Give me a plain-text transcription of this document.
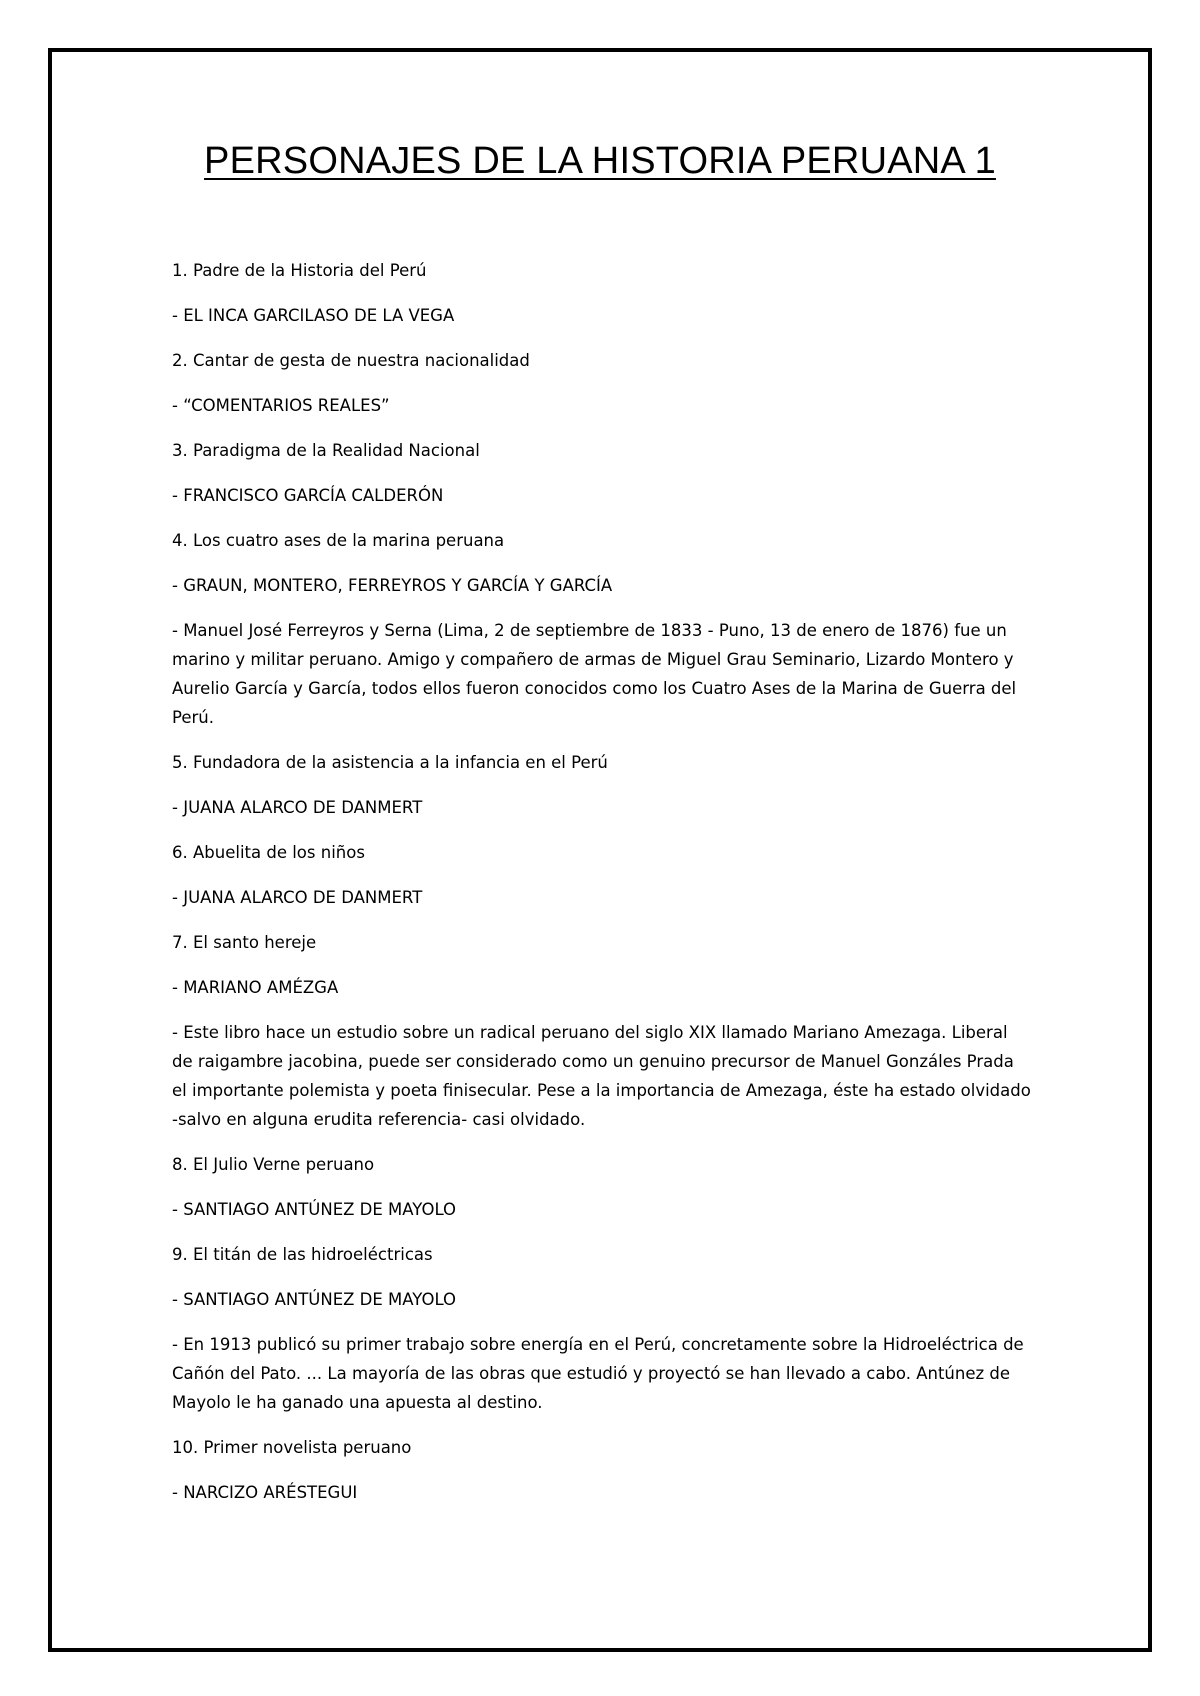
PERSONAJES DE LA HISTORIA PERUANA 1

1. Padre de la Historia del Perú

- EL INCA GARCILASO DE LA VEGA

2. Cantar de gesta de nuestra nacionalidad

- “COMENTARIOS REALES”

3. Paradigma de la Realidad Nacional

- FRANCISCO GARCÍA CALDERÓN

4. Los cuatro ases de la marina peruana

- GRAUN, MONTERO, FERREYROS Y GARCÍA Y GARCÍA

- Manuel José Ferreyros y Serna (Lima, 2 de septiembre de 1833 - Puno, 13 de enero de 1876) fue un marino y militar peruano. Amigo y compañero de armas de Miguel Grau Seminario, Lizardo Montero y Aurelio García y García, todos ellos fueron conocidos como los Cuatro Ases de la Marina de Guerra del Perú.

5. Fundadora de la asistencia a la infancia en el Perú

- JUANA ALARCO DE DANMERT

6. Abuelita de los niños

- JUANA ALARCO DE DANMERT

7. El santo hereje

- MARIANO AMÉZGA

- Este libro hace un estudio sobre un radical peruano del siglo XIX llamado Mariano Amezaga. Liberal de raigambre jacobina, puede ser considerado como un genuino precursor de Manuel Gonzáles Prada el importante polemista y poeta finisecular. Pese a la importancia de Amezaga, éste ha estado olvidado -salvo en alguna erudita referencia- casi olvidado.

8. El Julio Verne peruano

- SANTIAGO ANTÚNEZ DE MAYOLO

9. El titán de las hidroeléctricas

- SANTIAGO ANTÚNEZ DE MAYOLO

- En 1913 publicó su primer trabajo sobre energía en el Perú, concretamente sobre la Hidroeléctrica de Cañón del Pato. ... La mayoría de las obras que estudió y proyectó se han llevado a cabo. Antúnez de Mayolo le ha ganado una apuesta al destino.

10. Primer novelista peruano

- NARCIZO ARÉSTEGUI
